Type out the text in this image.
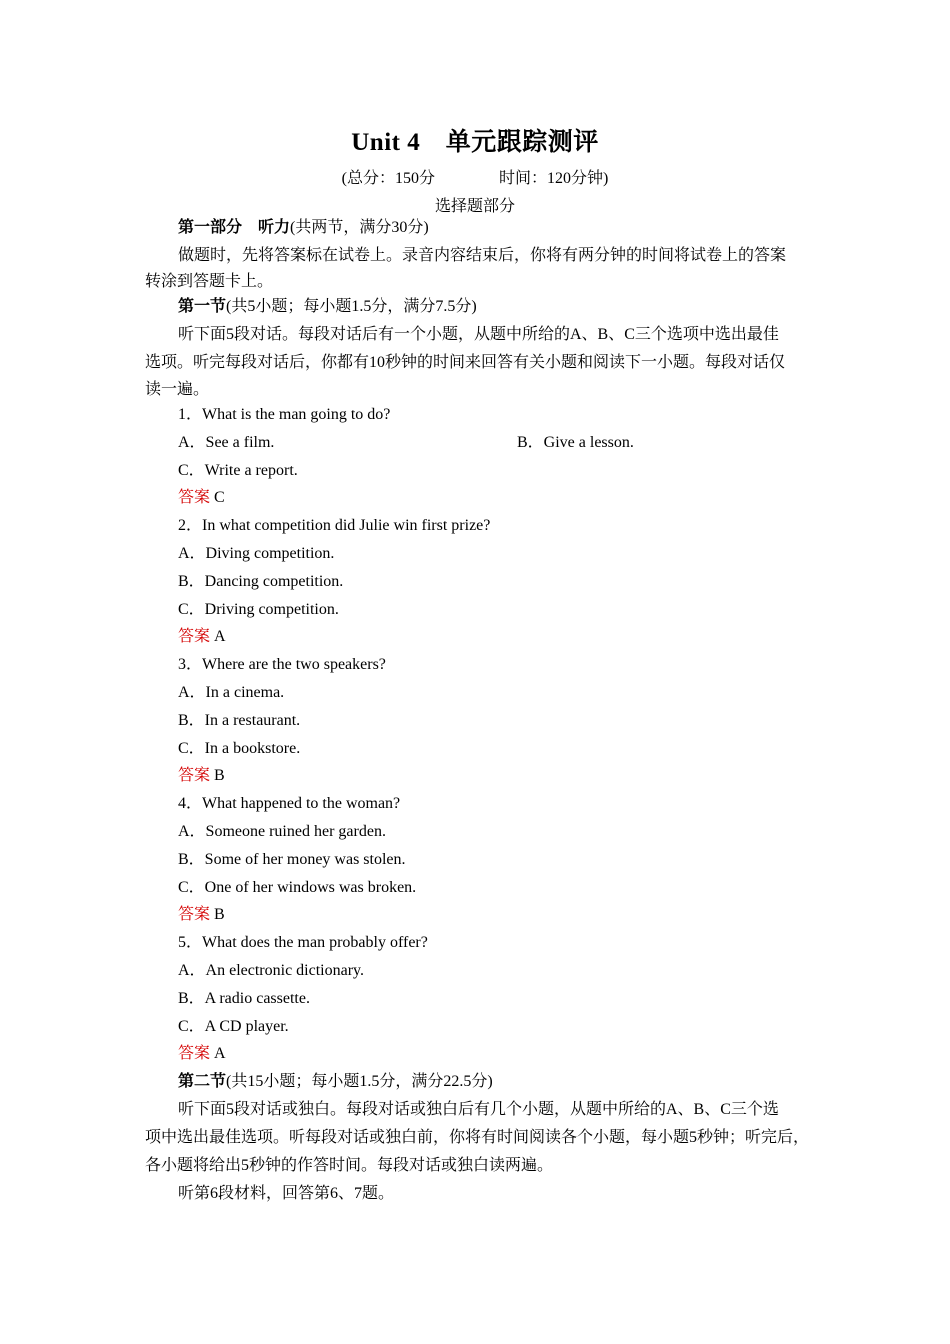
Unit 4　单元跟踪测评
(总分：150分	时间：120分钟)
选择题部分
第一部分　听力(共两节，满分30分)
做题时，先将答案标在试卷上。录音内容结束后，你将有两分钟的时间将试卷上的答案
转涂到答题卡上。
第一节(共5小题；每小题1.5分，满分7.5分)
听下面5段对话。每段对话后有一个小题，从题中所给的A、B、C三个选项中选出最佳
选项。听完每段对话后，你都有10秒钟的时间来回答有关小题和阅读下一小题。每段对话仅
读一遍。
1．What is the man going to do?
A．See a film.	B．Give a lesson.
C．Write a report.
答案 C
2．In what competition did Julie win first prize?
A．Diving competition.
B．Dancing competition.
C．Driving competition.
答案 A
3．Where are the two speakers?
A．In a cinema.
B．In a restaurant.
C．In a bookstore.
答案 B
4．What happened to the woman?
A．Someone ruined her garden.
B．Some of her money was stolen.
C．One of her windows was broken.
答案 B
5．What does the man probably offer?
A．An electronic dictionary.
B．A radio cassette.
C．A CD player.
答案 A
第二节(共15小题；每小题1.5分，满分22.5分)
听下面5段对话或独白。每段对话或独白后有几个小题，从题中所给的A、B、C三个选
项中选出最佳选项。听每段对话或独白前，你将有时间阅读各个小题，每小题5秒钟；听完后，
各小题将给出5秒钟的作答时间。每段对话或独白读两遍。
听第6段材料，回答第6、7题。
